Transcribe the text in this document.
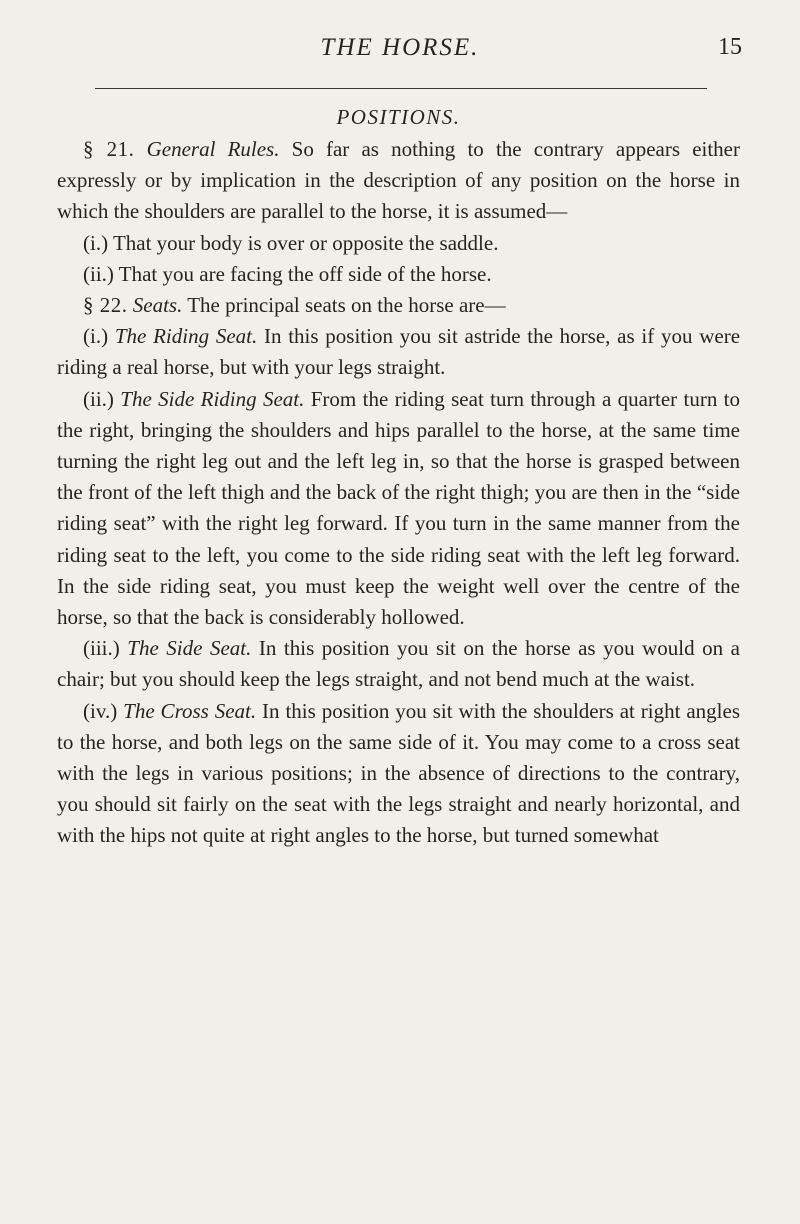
THE HORSE.	15
POSITIONS.

§ 21. General Rules. So far as nothing to the contrary appears either expressly or by implication in the description of any position on the horse in which the shoulders are parallel to the horse, it is assumed—

(i.) That your body is over or opposite the saddle.

(ii.) That you are facing the off side of the horse.

§ 22. Seats. The principal seats on the horse are—

(i.) The Riding Seat. In this position you sit astride the horse, as if you were riding a real horse, but with your legs straight.

(ii.) The Side Riding Seat. From the riding seat turn through a quarter turn to the right, bringing the shoulders and hips parallel to the horse, at the same time turning the right leg out and the left leg in, so that the horse is grasped between the front of the left thigh and the back of the right thigh; you are then in the “side riding seat” with the right leg forward. If you turn in the same manner from the riding seat to the left, you come to the side riding seat with the left leg forward. In the side riding seat, you must keep the weight well over the centre of the horse, so that the back is considerably hollowed.

(iii.) The Side Seat. In this position you sit on the horse as you would on a chair; but you should keep the legs straight, and not bend much at the waist.

(iv.) The Cross Seat. In this position you sit with the shoulders at right angles to the horse, and both legs on the same side of it. You may come to a cross seat with the legs in various positions; in the absence of directions to the contrary, you should sit fairly on the seat with the legs straight and nearly horizontal, and with the hips not quite at right angles to the horse, but turned somewhat
